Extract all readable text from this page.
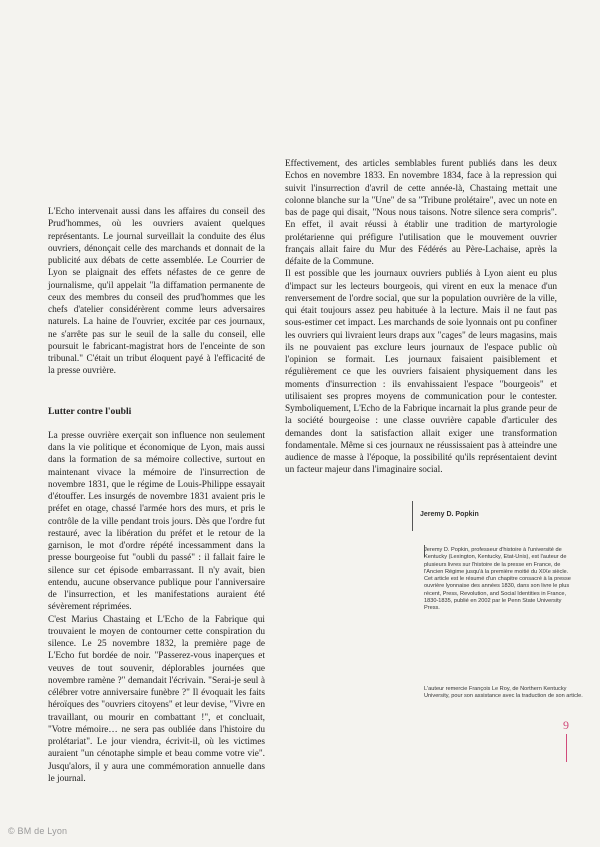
L'Echo intervenait aussi dans les affaires du conseil des Prud'hommes, où les ouvriers avaient quelques représentants. Le journal surveillait la conduite des élus ouvriers, dénonçait celle des marchands et donnait de la publicité aux débats de cette assemblée. Le Courrier de Lyon se plaignait des effets néfastes de ce genre de journalisme, qu'il appelait "la diffamation permanente de ceux des membres du conseil des prud'hommes que les chefs d'atelier considérèrent comme leurs adversaires naturels. La haine de l'ouvrier, excitée par ces journaux, ne s'arrête pas sur le seuil de la salle du conseil, elle poursuit le fabricant-magistrat hors de l'enceinte de son tribunal." C'était un tribut éloquent payé à l'efficacité de la presse ouvrière.

Lutter contre l'oubli

La presse ouvrière exerçait son influence non seulement dans la vie politique et économique de Lyon, mais aussi dans la formation de sa mémoire collective, surtout en maintenant vivace la mémoire de l'insurrection de novembre 1831, que le régime de Louis-Philippe essayait d'étouffer. Les insurgés de novembre 1831 avaient pris le préfet en otage, chassé l'armée hors des murs, et pris le contrôle de la ville pendant trois jours. Dès que l'ordre fut restauré, avec la libération du préfet et le retour de la garnison, le mot d'ordre répété incessamment dans la presse bourgeoise fut "oubli du passé" : il fallait faire le silence sur cet épisode embarrassant. Il n'y avait, bien entendu, aucune observance publique pour l'anniversaire de l'insurrection, et les manifestations auraient été sévèrement réprimées.

C'est Marius Chastaing et L'Echo de la Fabrique qui trouvaient le moyen de contourner cette conspiration du silence. Le 25 novembre 1832, la première page de L'Echo fut bordée de noir. "Passerez-vous inaperçues et veuves de tout souvenir, déplorables journées que novembre ramène ?" demandait l'écrivain. "Serai-je seul à célébrer votre anniversaire funèbre ?" Il évoquait les faits héroïques des "ouvriers citoyens" et leur devise, "Vivre en travaillant, ou mourir en combattant !", et concluait, "Votre mémoire… ne sera pas oubliée dans l'histoire du prolétariat". Le jour viendra, écrivit-il, où les victimes auraient "un cénotaphe simple et beau comme votre vie". Jusqu'alors, il y aura une commémoration annuelle dans le journal.

Effectivement, des articles semblables furent publiés dans les deux Echos en novembre 1833. En novembre 1834, face à la repression qui suivit l'insurrection d'avril de cette année-là, Chastaing mettait une colonne blanche sur la "Une" de sa "Tribune prolétaire", avec un note en bas de page qui disait, "Nous nous taisons. Notre silence sera compris". En effet, il avait réussi à établir une tradition de martyrologie prolétarienne qui préfigure l'utilisation que le mouvement ouvrier français allait faire du Mur des Fédérés au Père-Lachaise, après la défaite de la Commune.

Il est possible que les journaux ouvriers publiés à Lyon aient eu plus d'impact sur les lecteurs bourgeois, qui virent en eux la menace d'un renversement de l'ordre social, que sur la population ouvrière de la ville, qui était toujours assez peu habituée à la lecture. Mais il ne faut pas sous-estimer cet impact. Les marchands de soie lyonnais ont pu confiner les ouvriers qui livraient leurs draps aux "cages" de leurs magasins, mais ils ne pouvaient pas exclure leurs journaux de l'espace public où l'opinion se formait. Les journaux faisaient paisiblement et régulièrement ce que les ouvriers faisaient physiquement dans les moments d'insurrection : ils envahissaient l'espace "bourgeois" et utilisaient ses propres moyens de communication pour le contester. Symboliquement, L'Echo de la Fabrique incarnait la plus grande peur de la société bourgeoise : une classe ouvrière capable d'articuler des demandes dont la satisfaction allait exiger une transformation fondamentale. Même si ces journaux ne réussissaient pas à atteindre une audience de masse à l'époque, la possibilité qu'ils représentaient devint un facteur majeur dans l'imaginaire social.

Jeremy D. Popkin

Jeremy D. Popkin, professeur d'histoire à l'université de Kentucky (Lexington, Kentucky, Etat-Unis), est l'auteur de plusieurs livres sur l'histoire de la presse en France, de l'Ancien Régime jusqu'à la première moitié du XIXe siècle. Cet article est le résumé d'un chapitre consacré à la presse ouvrière lyonnaise des années 1830, dans son livre le plus récent, Press, Revolution, and Social Identities in France, 1830-1835, publié en 2002 par le Penn State University Press.

L'auteur remercie François Le Roy, de Northern Kentucky University, pour son assistance avec la traduction de son article.

9
© BM de Lyon
